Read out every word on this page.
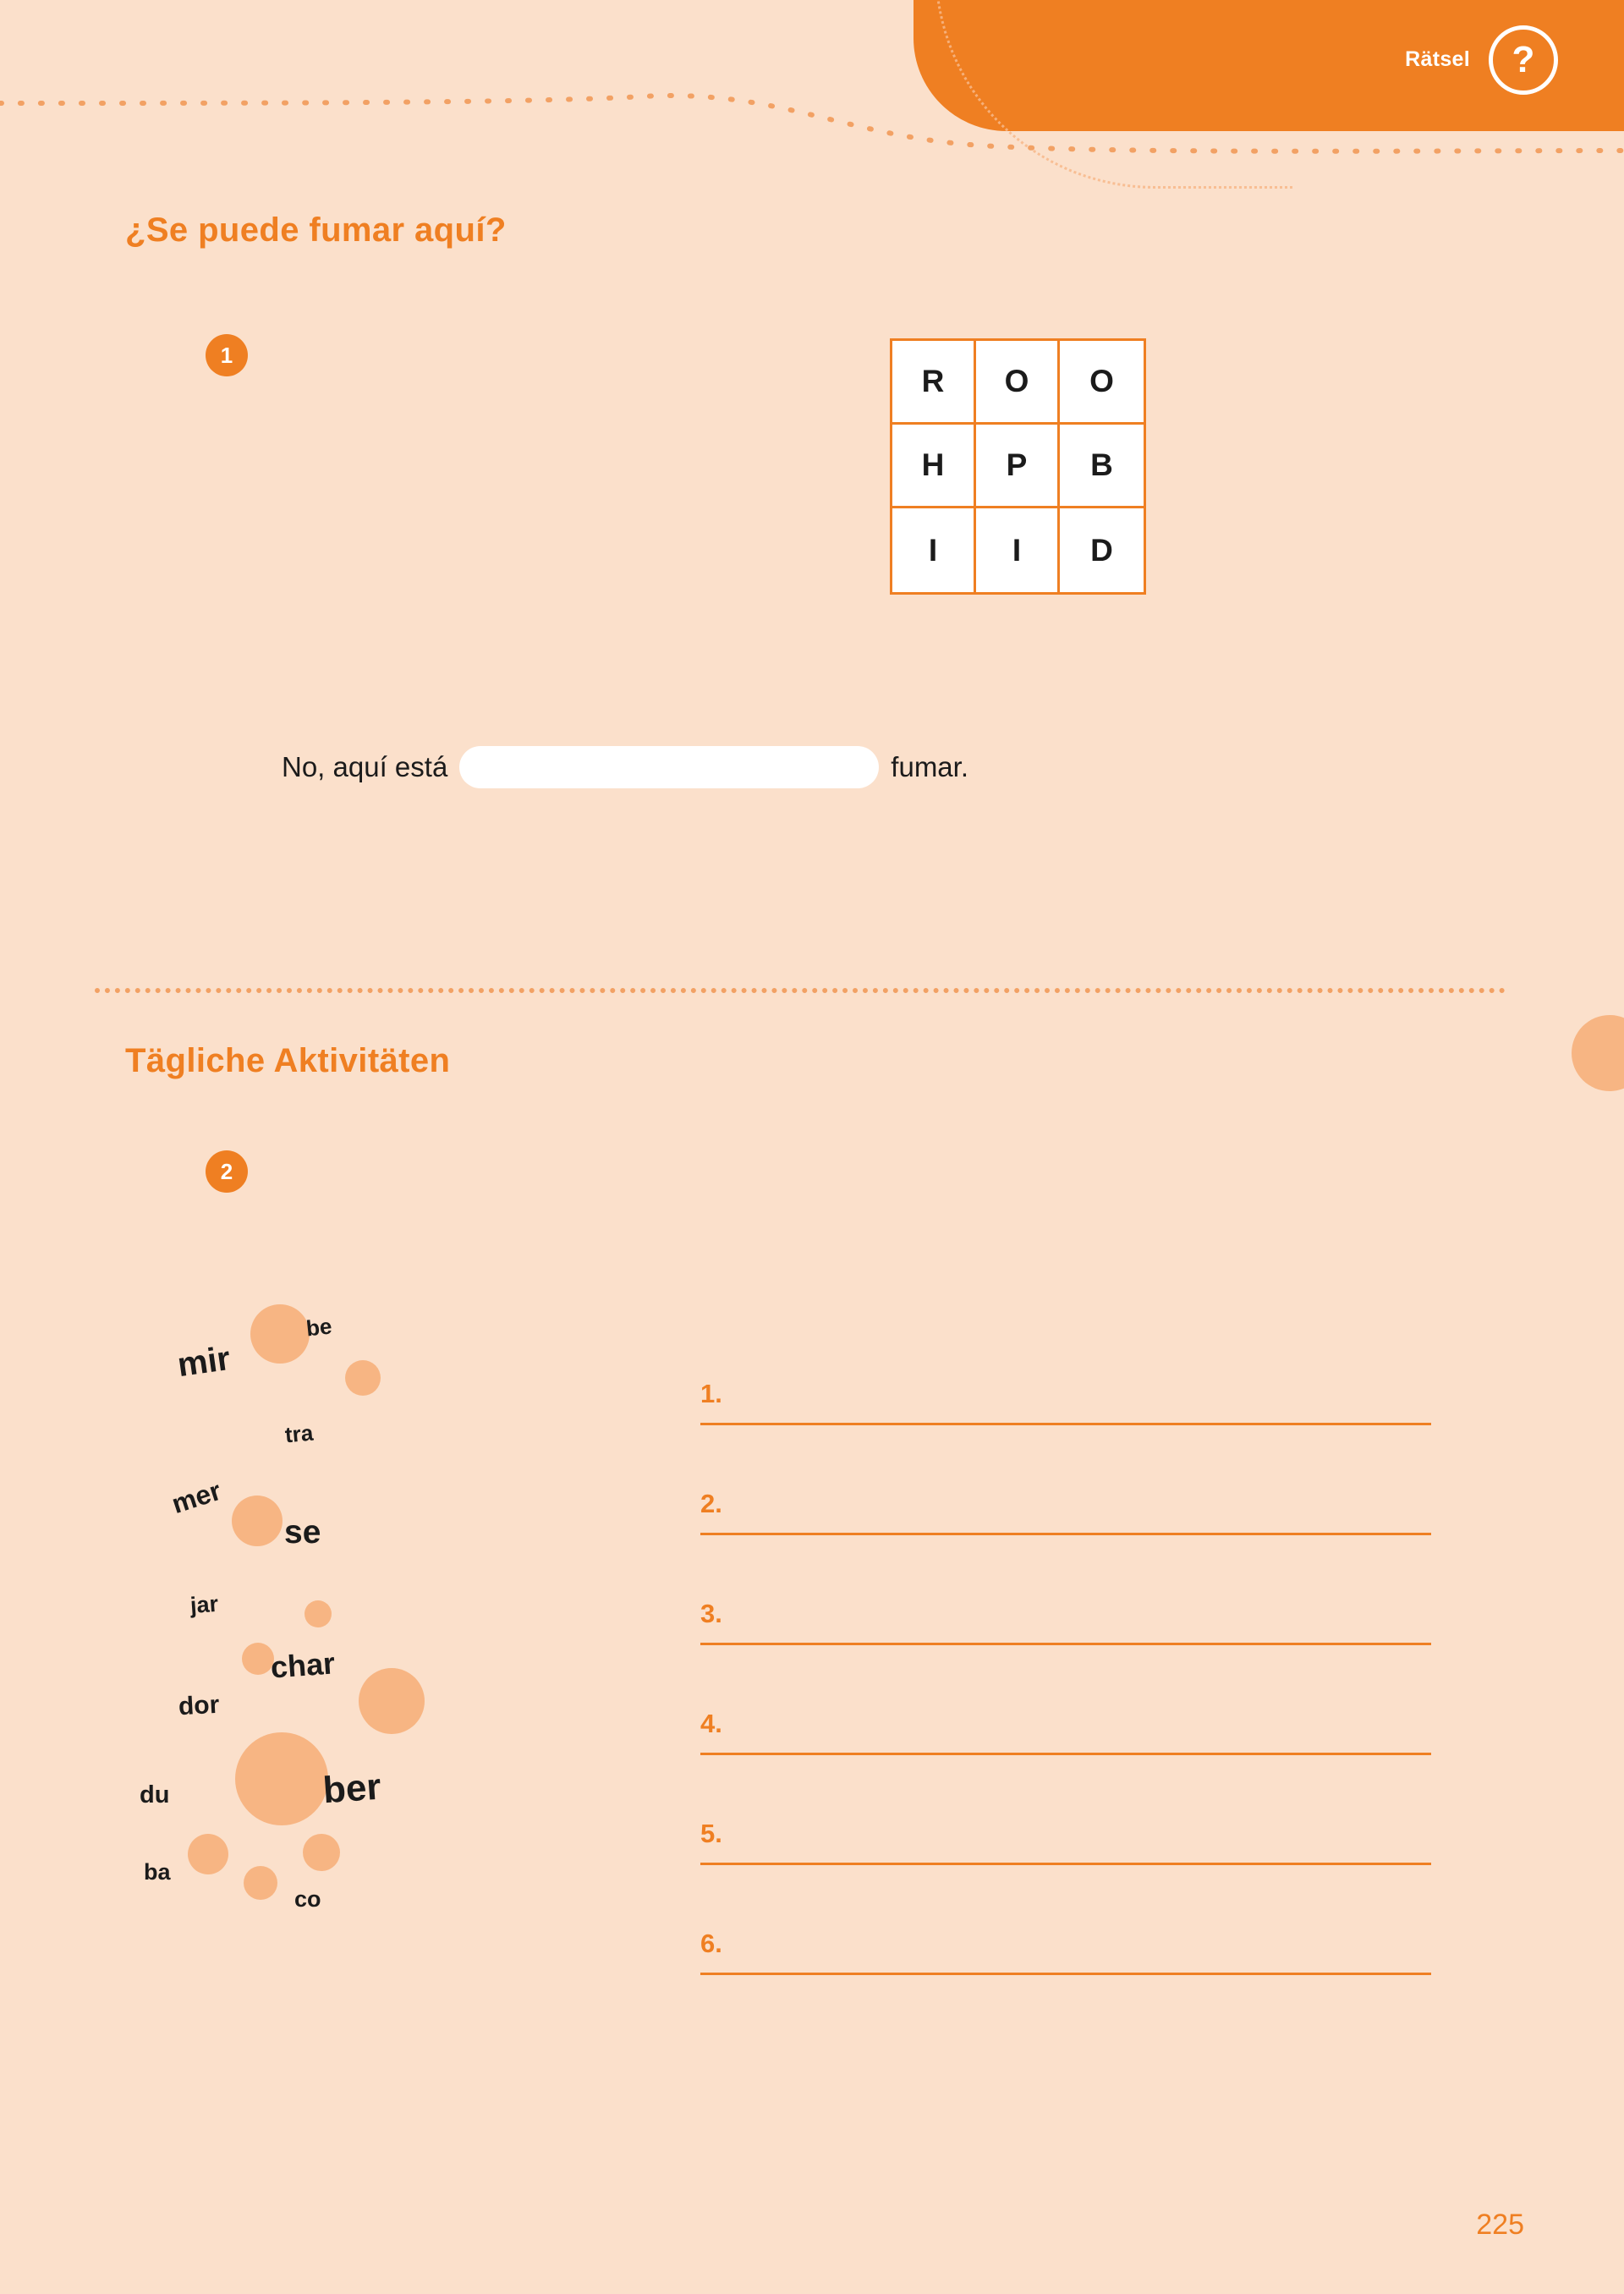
Rätsel	?
¿Se puede fumar aquí?
1
R	O	O
H	P	B
I	I	D
No, aquí está	fumar.
Tägliche Aktivitäten
2
mir
be
tra
mer
se
jar
char
dor
du	ber
ba
co
1.
2.
3.
4.
5.
6.
225
